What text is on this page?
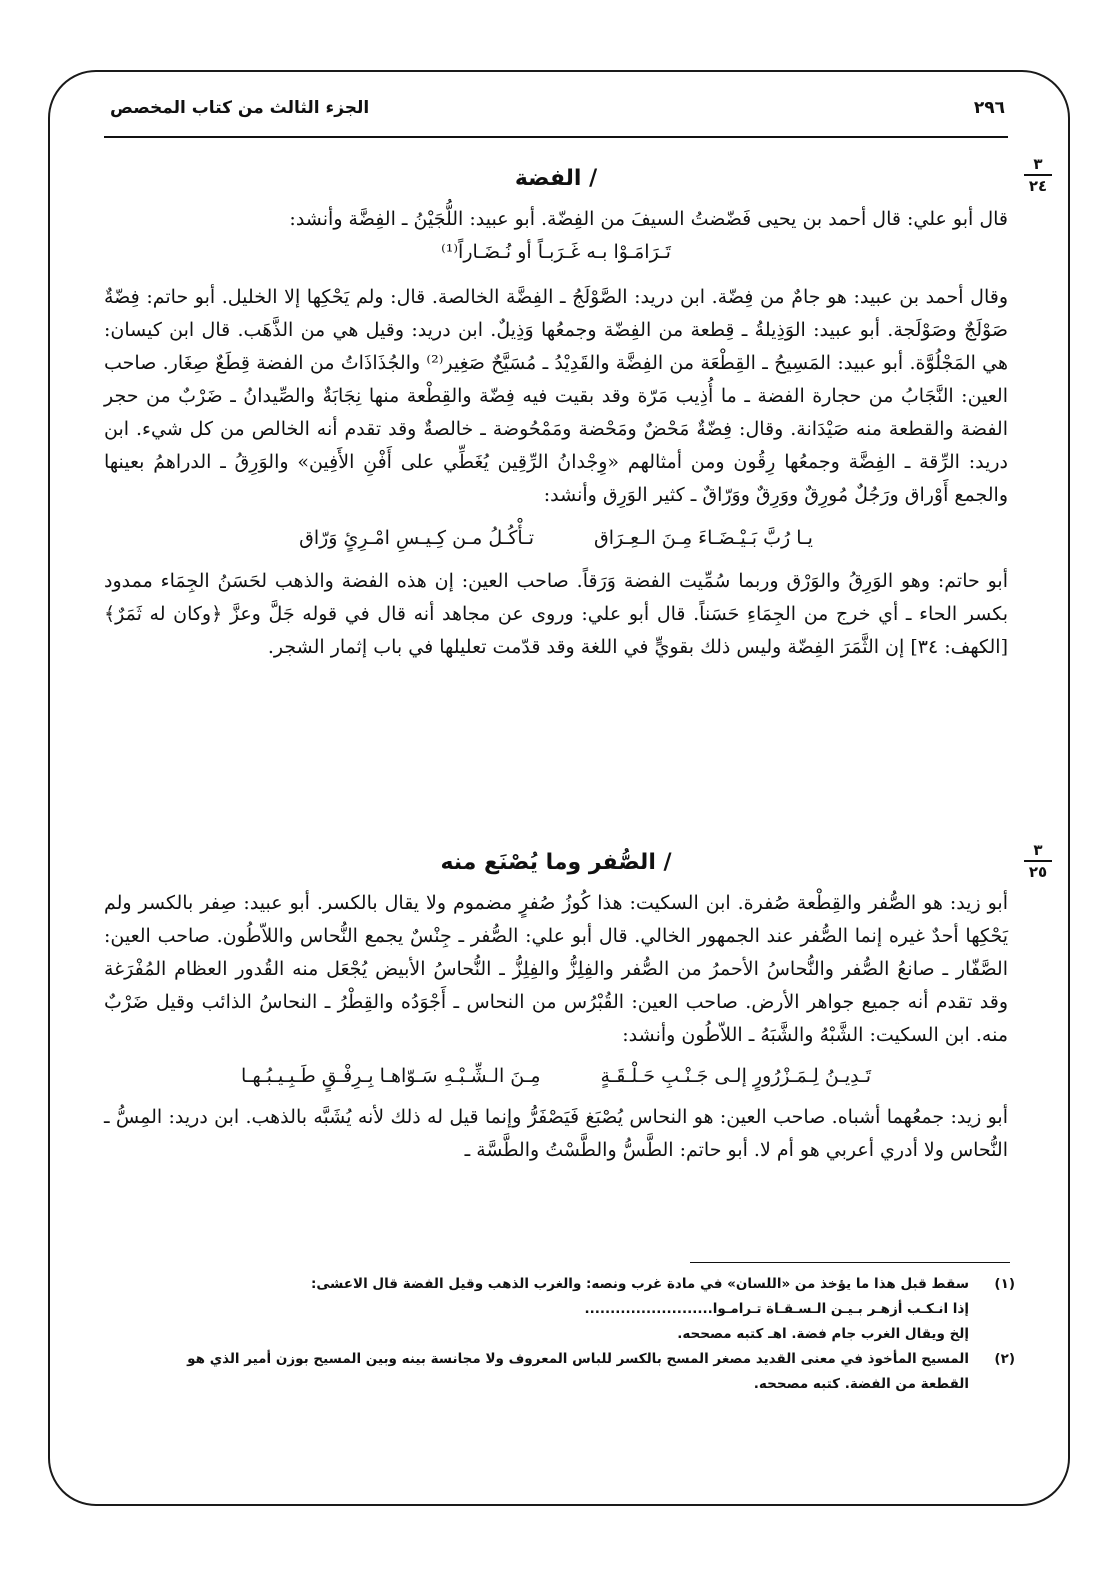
٢٩٦
الجزء الثالث من كتاب المخصص
٣
٢٤

/ الفضة

قال أبو علي: قال أحمد بن يحيى فَضّضتُ السيفَ من الفِضّة. أبو عبيد: اللُّجَيْنُ ـ الفِضَّة وأنشد:

تَـرَامَـوْا بـه غَـرَبـاً أو نُـضَـاراً⁽¹⁾

وقال أحمد بن عبيد: هو جامٌ من فِضّة. ابن دريد: الصَّوْلَجُ ـ الفِضَّة الخالصة. قال: ولم يَحْكِها إلا الخليل. أبو حاتم: فِضّةٌ صَوْلَجٌ وصَوْلَجة. أبو عبيد: الوَذِيلةُ ـ قِطعة من الفِضّة وجمعُها وَذِيلٌ. ابن دريد: وقيل هي من الذَّهَب. قال ابن كيسان: هي المَجْلُوَّة. أبو عبيد: المَسِيحُ ـ القِطْعَة من الفِضَّة والقَدِيْدُ ـ مُسَيَّحٌ صَغِير⁽²⁾ والجُذَاذَاتُ من الفضة قِطَعٌ صِغَار. صاحب العين: النَّجَابُ من حجارة الفضة ـ ما أُذِيب مَرّة وقد بقيت فيه فِضّة والقِطْعة منها نِجَابَةٌ والصِّيدانُ ـ ضَرْبٌ من حجر الفضة والقطعة منه صَيْدَانة. وقال: فِضّةٌ مَحْضٌ ومَحْضة ومَمْحُوضة ـ خالصةٌ وقد تقدم أنه الخالص من كل شيء. ابن دريد: الرِّقة ـ الفِضَّة وجمعُها رِقُون ومن أمثالهم «وِجْدانُ الرِّقِين يُغَطِّي على أَفْنِ الأَفِين» والوَرِقُ ـ الدراهمُ بعينها والجمع أَوْراق ورَجُلٌ مُورِقٌ ووَرِقٌ ووَرّاقٌ ـ كثير الوَرِق وأنشد:

يـا رُبَّ بَـيْـضَـاءَ مِـنَ الـعِـرَاق
تـأْكُـلُ مـن كِـيـسِ امْـرِئٍ وَرّاق

أبو حاتم: وهو الوَرِقُ والوَرْق وربما سُمِّيت الفضة وَرَقاً. صاحب العين: إن هذه الفضة والذهب لحَسَنُ الجِمَاء ممدود بكسر الحاء ـ أي خرج من الجِمَاءِ حَسَناً. قال أبو علي: وروى عن مجاهد أنه قال في قوله جَلَّ وعزَّ ﴿وكان له ثَمَرٌ﴾ [الكهف: ٣٤] إن الثَّمَرَ الفِضّة وليس ذلك بقويٍّ في اللغة وقد قدّمت تعليلها في باب إثمار الشجر.

٣
٢٥

/ الصُّفر وما يُصْنَع منه

أبو زيد: هو الصُّفر والقِطْعة صُفرة. ابن السكيت: هذا كُوزُ صُفرٍ مضموم ولا يقال بالكسر. أبو عبيد: صِفر بالكسر ولم يَحْكِها أحدٌ غيره إنما الصُّفر عند الجمهور الخالي. قال أبو علي: الصُّفر ـ جِنْسٌ يجمع النُّحاس واللاّطُون. صاحب العين: الصَّفّار ـ صانعُ الصُّفر والنُّحاسُ الأحمرُ من الصُّفر والفِلِزُّ والفِلِزُّ ـ النُّحاسُ الأبيض يُجْعَل منه القُدور العظام المُفْرَغة وقد تقدم أنه جميع جواهر الأرض. صاحب العين: القُبْرُس من النحاس ـ أَجْوَدُه والقِطْرُ ـ النحاسُ الذائب وقيل ضَرْبٌ منه. ابن السكيت: الشَّبْهُ والشَّبَهُ ـ اللاّطُون وأنشد:

تَـدِيـنُ لِـمَـزْرُورٍ إلـى جَـنْـبِ حَـلْـقَـةٍ
مِـنَ الـشِّـبْـهِ سَـوّاهـا بِـرِفْـقٍ طَـبِـيـبُـهـا

أبو زيد: جمعُهما أشباه. صاحب العين: هو النحاس يُصْبَغ فَيَصْفَرُّ وإنما قيل له ذلك لأنه يُشَبَّه بالذهب. ابن دريد: المِسُّ ـ النُّحاس ولا أدري أعربي هو أم لا. أبو حاتم: الطَّسُّ والطَّسْتُ والطَّسَّة ـ

(١)
سقط قبل هذا ما يؤخذ من «اللسان» في مادة غرب ونصه: والغرب الذهب وقيل الفضة قال الاعشى:
إذا انـكـب أزهـر بـيـن الـسـقـاة تـرامـوا.........................
إلخ ويقال الغرب جام فضة. اهـ كتبه مصححه.
(٢)
المسيح المأخوذ في معنى القديد مصغر المسح بالكسر للباس المعروف ولا مجانسة بينه وبين المسيح بوزن أمير الذي هو
القطعة من الفضة. كتبه مصححه.
